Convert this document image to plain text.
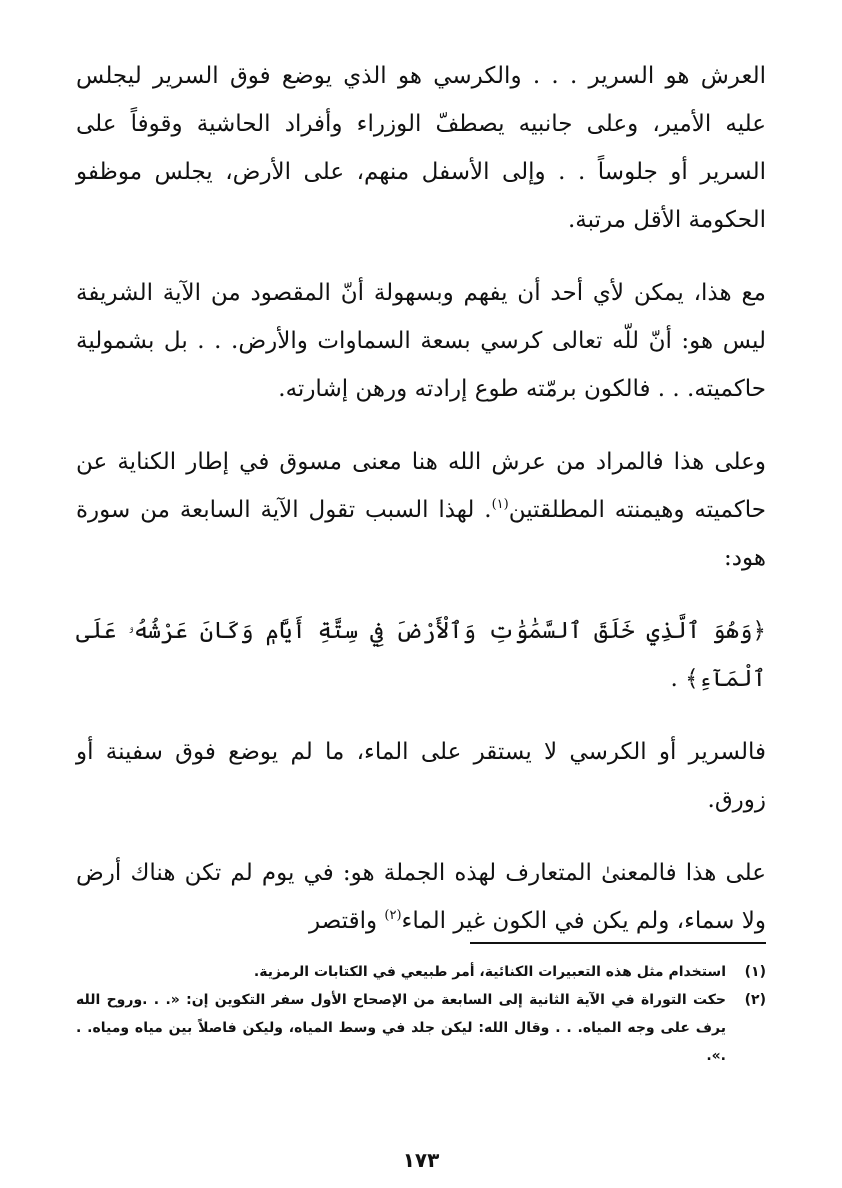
العرش هو السرير . . . والكرسي هو الذي يوضع فوق السرير ليجلس عليه الأمير، وعلى جانبيه يصطفّ الوزراء وأفراد الحاشية وقوفاً على السرير أو جلوساً . . وإلى الأسفل منهم، على الأرض، يجلس موظفو الحكومة الأقل مرتبة.

مع هذا، يمكن لأي أحد أن يفهم وبسهولة أنّ المقصود من الآية الشريفة ليس هو: أنّ للّه تعالى كرسي بسعة السماوات والأرض. . . بل بشمولية حاكميته. . . فالكون برمّته طوع إرادته ورهن إشارته.

وعلى هذا فالمراد من عرش الله هنا معنى مسوق في إطار الكناية عن حاكميته وهيمنته المطلقتين$^{(١)}$. لهذا السبب تقول الآية السابعة من سورة هود:

﴿وَهُوَ ٱلَّذِي خَلَقَ ٱلسَّمَٰوَٰتِ وَٱلْأَرْضَ فِي سِتَّةِ أَيَّامٖ وَكَانَ عَرْشُهُۥ عَلَى ٱلْمَآءِ﴾ .

فالسرير أو الكرسي لا يستقر على الماء، ما لم يوضع فوق سفينة أو زورق.

على هذا فالمعنىٰ المتعارف لهذه الجملة هو: في يوم لم تكن هناك أرض ولا سماء، ولم يكن في الكون غير الماء$^{(٢)}$ واقتصر

(١)
استخدام مثل هذه التعبيرات الكنائية، أمر طبيعي في الكتابات الرمزية.
(٢)
حكت التوراة في الآية الثانية إلى السابعة من الإصحاح الأول سفر التكوين إن: «. . .وروح الله يرف على وجه المياه. . . وقال الله: ليكن جلد في وسط المياه، وليكن فاصلاً بين مياه ومياه. . .».
١٧٣
